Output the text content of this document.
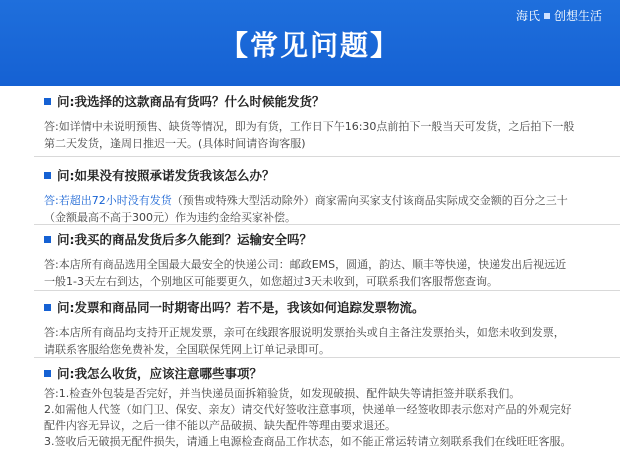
海氏 创想生活
【常见问题】
问:我选择的这款商品有货吗？什么时候能发货？
答:如详情中未说明预售、缺货等情况，即为有货，工作日下午16:30点前拍下一般当天可发货，之后拍下一般
第二天发货，逢周日推迟一天。(具体时间请咨询客服)
问:如果没有按照承诺发货我该怎么办？
答:若超出72小时没有发货（预售或特殊大型活动除外）商家需向买家支付该商品实际成交金额的百分之三十
（金额最高不高于300元）作为违约金给买家补偿。
问:我买的商品发货后多久能到？运输安全吗？
答:本店所有商品选用全国最大最安全的快递公司：邮政EMS，圆通，韵达、顺丰等快递，快递发出后视远近
一般1-3天左右到达，个别地区可能要更久，如您超过3天未收到，可联系我们客服帮您查询。
问:发票和商品同一时期寄出吗？若不是，我该如何追踪发票物流。
答:本店所有商品均支持开正规发票，亲可在线跟客服说明发票抬头或自主备注发票抬头，如您未收到发票，
请联系客服给您免费补发，全国联保凭网上订单记录即可。
问:我怎么收货，应该注意哪些事项？
答:1.检查外包装是否完好，并当快递员面拆箱验货，如发现破损、配件缺失等请拒签并联系我们。
2.如需他人代签（如门卫、保安、亲友）请交代好签收注意事项，快递单一经签收即表示您对产品的外观完好
配件内容无异议，之后一律不能以产品破损、缺失配件等理由要求退还。
3.签收后无破损无配件损失，请通上电源检查商品工作状态，如不能正常运转请立刻联系我们在线旺旺客服。
